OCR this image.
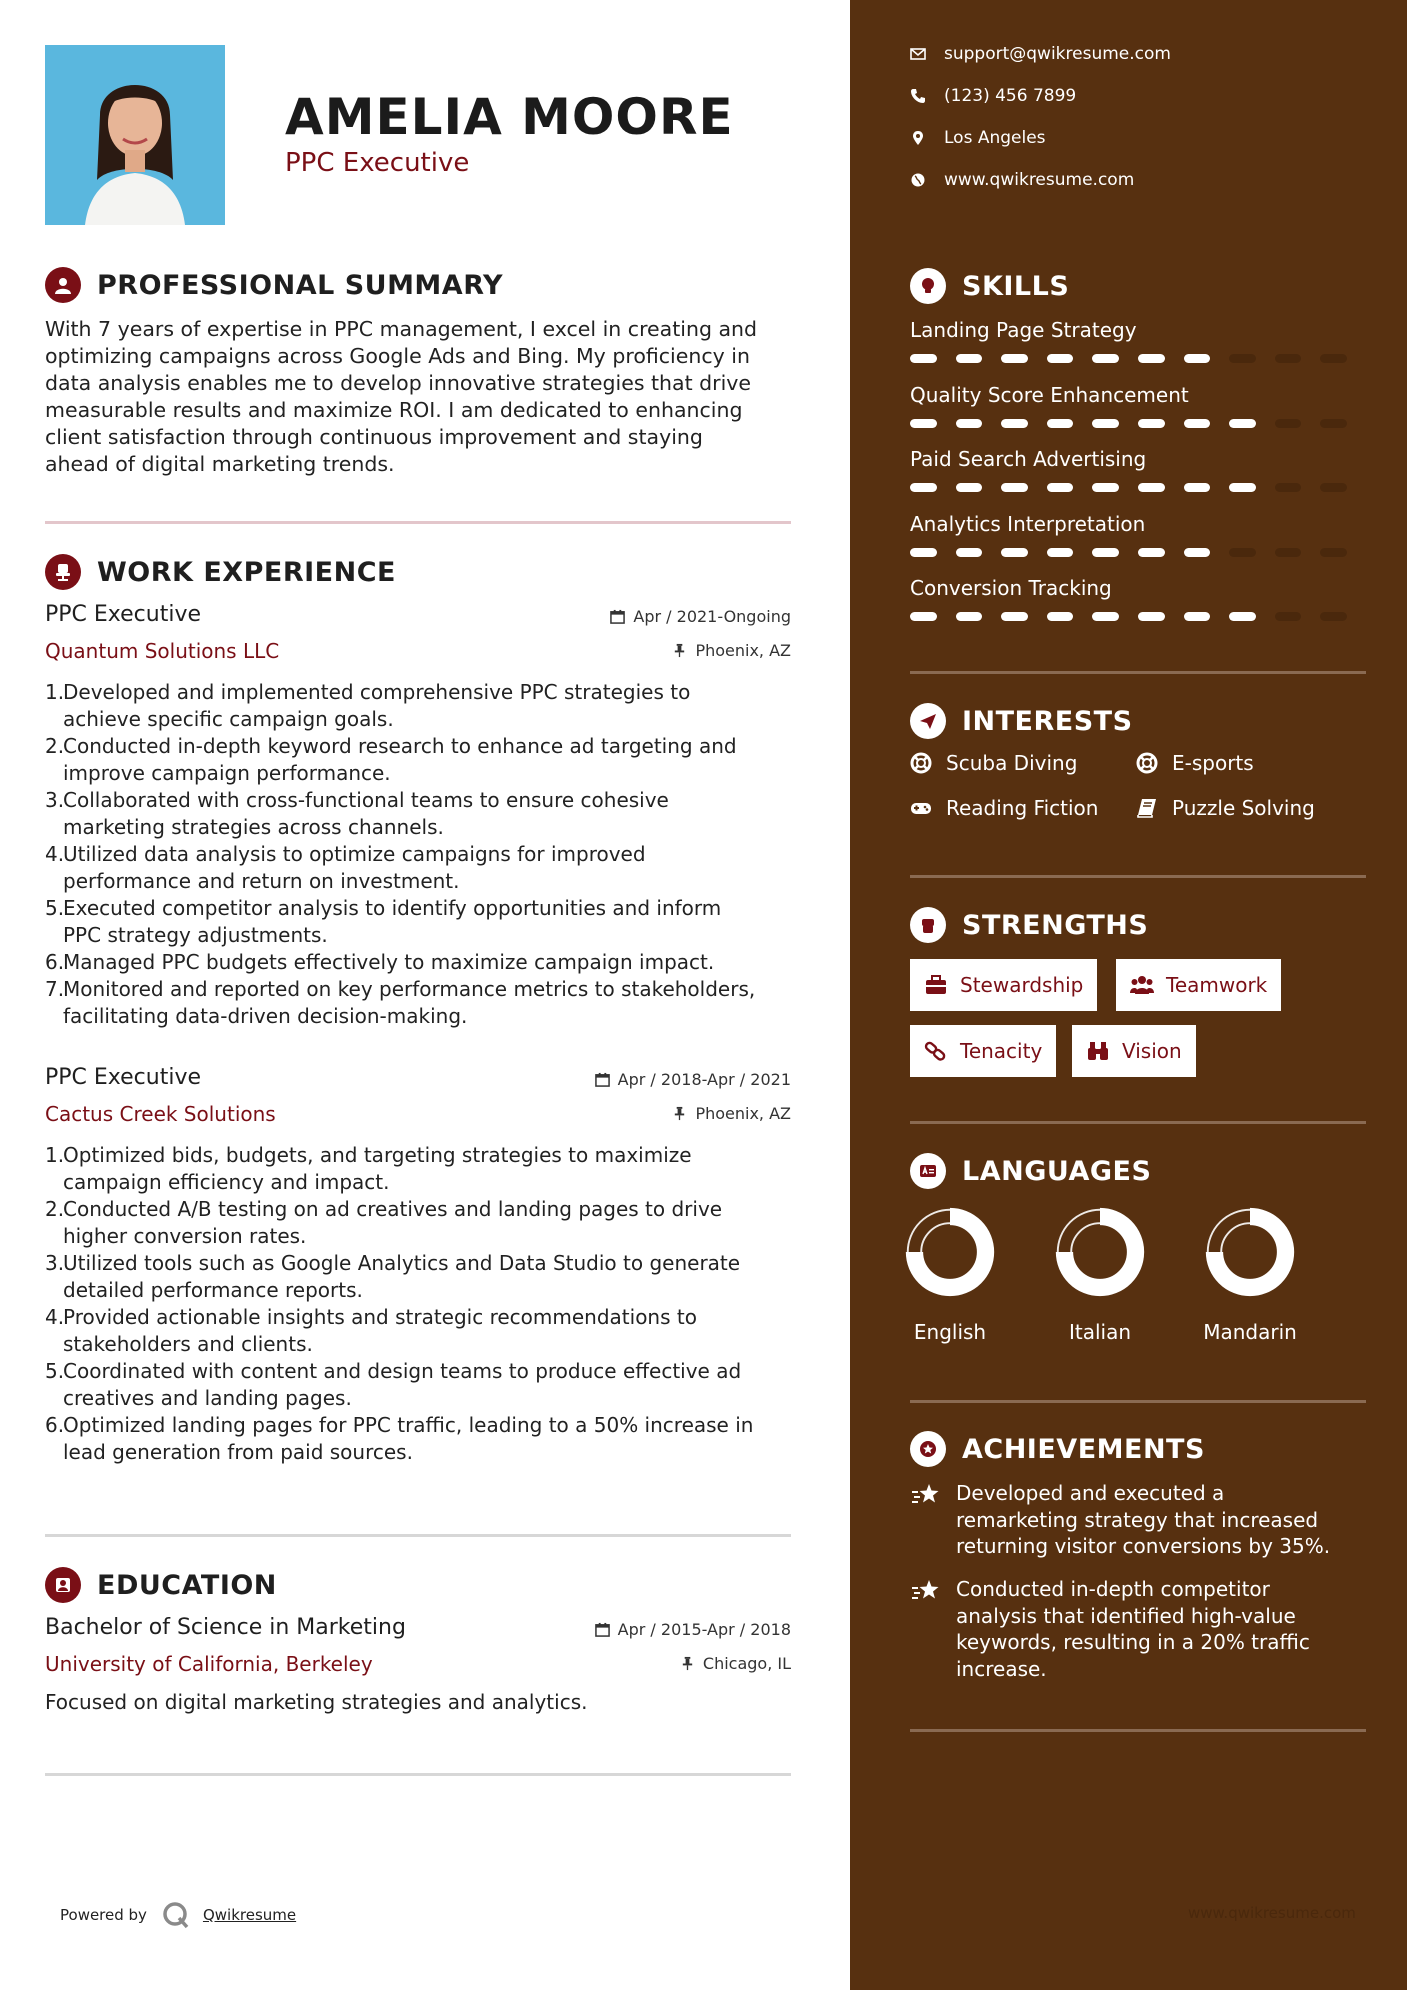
AMELIA MOORE
PPC Executive
PROFESSIONAL SUMMARY
With 7 years of expertise in PPC management, I excel in creating and
optimizing campaigns across Google Ads and Bing. My proficiency in
data analysis enables me to develop innovative strategies that drive
measurable results and maximize ROI. I am dedicated to enhancing
client satisfaction through continuous improvement and staying
ahead of digital marketing trends.
WORK EXPERIENCE
PPC Executive
Quantum Solutions LLC
Apr / 2021-Ongoing
Phoenix, AZ
Developed and implemented comprehensive PPC strategies to
achieve specific campaign goals.
Conducted in-depth keyword research to enhance ad targeting and
improve campaign performance.
Collaborated with cross-functional teams to ensure cohesive
marketing strategies across channels.
Utilized data analysis to optimize campaigns for improved
performance and return on investment.
Executed competitor analysis to identify opportunities and inform
PPC strategy adjustments.
Managed PPC budgets effectively to maximize campaign impact.
Monitored and reported on key performance metrics to stakeholders,
facilitating data-driven decision-making.
PPC Executive
Cactus Creek Solutions
Apr / 2018-Apr / 2021
Phoenix, AZ
Optimized bids, budgets, and targeting strategies to maximize
campaign efficiency and impact.
Conducted A/B testing on ad creatives and landing pages to drive
higher conversion rates.
Utilized tools such as Google Analytics and Data Studio to generate
detailed performance reports.
Provided actionable insights and strategic recommendations to
stakeholders and clients.
Coordinated with content and design teams to produce effective ad
creatives and landing pages.
Optimized landing pages for PPC traffic, leading to a 50% increase in
lead generation from paid sources.
EDUCATION
Bachelor of Science in Marketing
University of California, Berkeley
Apr / 2015-Apr / 2018
Chicago, IL
Focused on digital marketing strategies and analytics.
Powered by	Qwikresume
support@qwikresume.com
(123) 456 7899
Los Angeles
www.qwikresume.com
SKILLS
Landing Page Strategy
Quality Score Enhancement
Paid Search Advertising
Analytics Interpretation
Conversion Tracking
INTERESTS
Scuba Diving	E-sports
Reading Fiction	Puzzle Solving
STRENGTHS
Stewardship	Teamwork
Tenacity	Vision
LANGUAGES
English	Italian	Mandarin
ACHIEVEMENTS
Developed and executed a
remarketing strategy that increased
returning visitor conversions by 35%.
Conducted in-depth competitor
analysis that identified high-value
keywords, resulting in a 20% traffic
increase.
www.qwikresume.com
